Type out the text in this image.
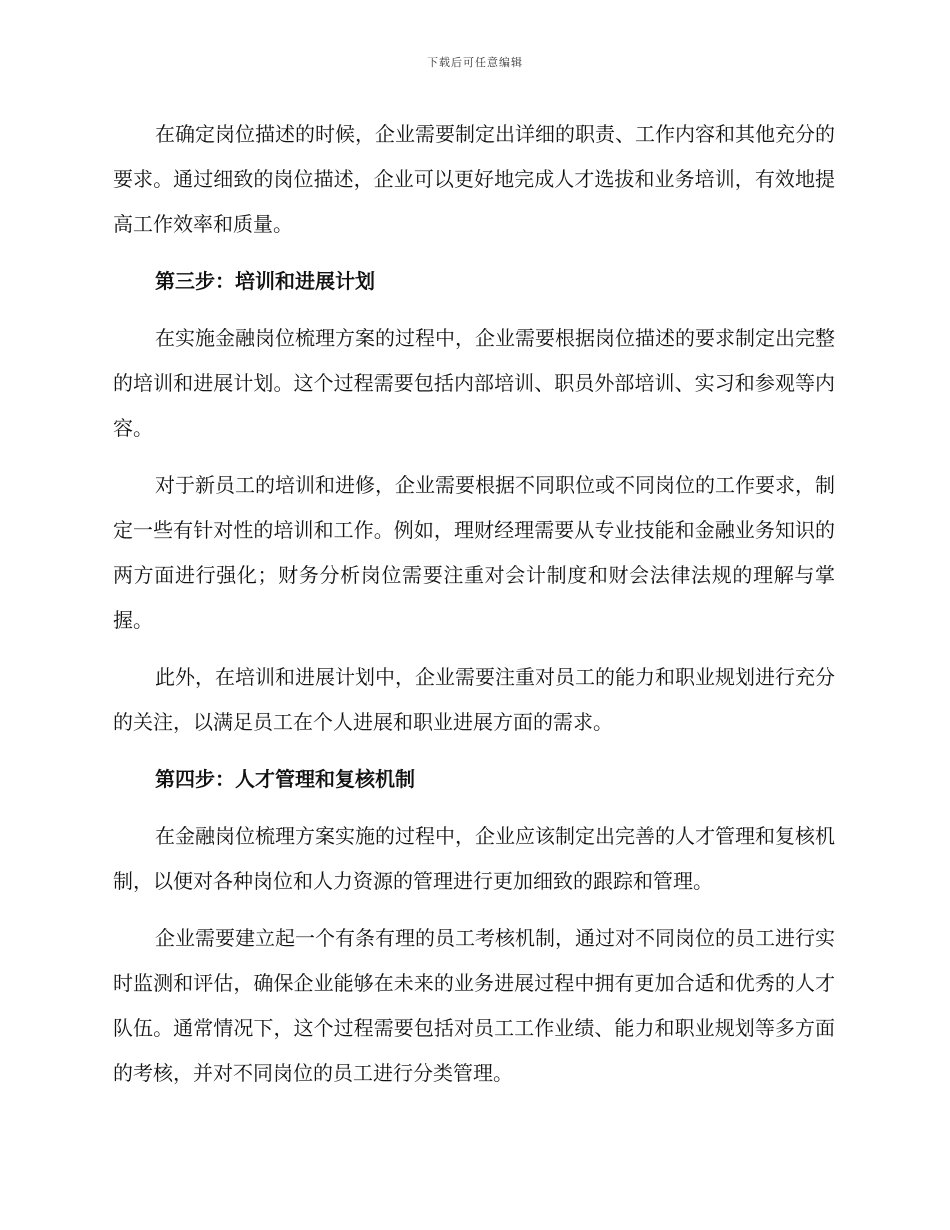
下载后可任意编辑

在确定岗位描述的时候，企业需要制定出详细的职责、工作内容和其他充分的要求。通过细致的岗位描述，企业可以更好地完成人才选拔和业务培训，有效地提高工作效率和质量。

第三步：培训和进展计划

在实施金融岗位梳理方案的过程中，企业需要根据岗位描述的要求制定出完整的培训和进展计划。这个过程需要包括内部培训、职员外部培训、实习和参观等内容。

对于新员工的培训和进修，企业需要根据不同职位或不同岗位的工作要求，制定一些有针对性的培训和工作。例如，理财经理需要从专业技能和金融业务知识的两方面进行强化；财务分析岗位需要注重对会计制度和财会法律法规的理解与掌握。

此外，在培训和进展计划中，企业需要注重对员工的能力和职业规划进行充分的关注，以满足员工在个人进展和职业进展方面的需求。

第四步：人才管理和复核机制

在金融岗位梳理方案实施的过程中，企业应该制定出完善的人才管理和复核机制，以便对各种岗位和人力资源的管理进行更加细致的跟踪和管理。

企业需要建立起一个有条有理的员工考核机制，通过对不同岗位的员工进行实时监测和评估，确保企业能够在未来的业务进展过程中拥有更加合适和优秀的人才队伍。通常情况下，这个过程需要包括对员工工作业绩、能力和职业规划等多方面的考核，并对不同岗位的员工进行分类管理。
